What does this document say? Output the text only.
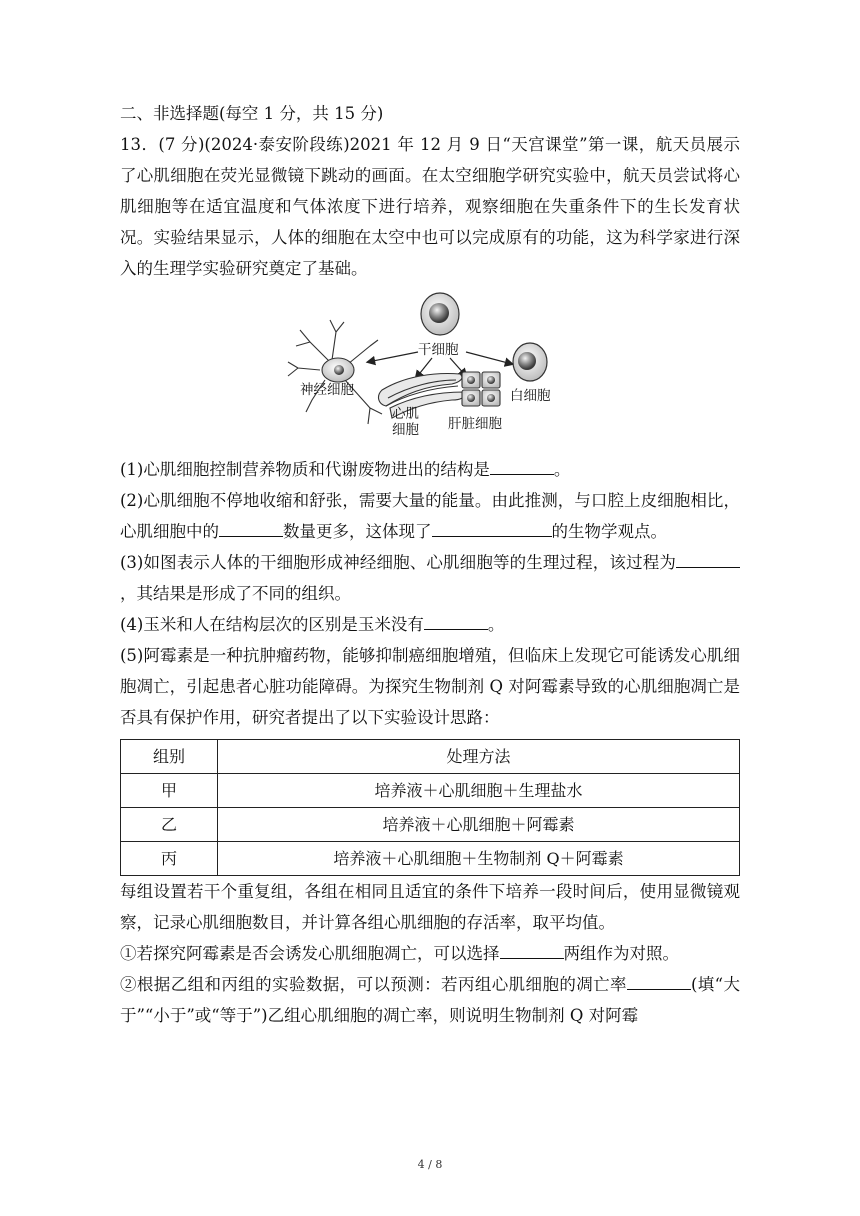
二、非选择题(每空 1 分，共 15 分)

13．(7 分)(2024·泰安阶段练)2021 年 12 月 9 日“天宫课堂”第一课，航天员展示了心肌细胞在荧光显微镜下跳动的画面。在太空细胞学研究实验中，航天员尝试将心肌细胞等在适宜温度和气体浓度下进行培养，观察细胞在失重条件下的生长发育状况。实验结果显示，人体的细胞在太空中也可以完成原有的功能，这为科学家进行深入的生理学实验研究奠定了基础。

干细胞
神经细胞
心肌
细胞 肝脏细胞
白细胞

(1)心肌细胞控制营养物质和代谢废物进出的结构是	。

(2)心肌细胞不停地收缩和舒张，需要大量的能量。由此推测，与口腔上皮细胞相比，心肌细胞中的	数量更多，这体现了	的生物学观点。

(3)如图表示人体的干细胞形成神经细胞、心肌细胞等的生理过程，该过程为，其结果是形成了不同的组织。

(4)玉米和人在结构层次的区别是玉米没有	。

(5)阿霉素是一种抗肿瘤药物，能够抑制癌细胞增殖，但临床上发现它可能诱发心肌细胞凋亡，引起患者心脏功能障碍。为探究生物制剂 Q 对阿霉素导致的心肌细胞凋亡是否具有保护作用，研究者提出了以下实验设计思路：

组别	处理方法
甲	培养液＋心肌细胞＋生理盐水
乙	培养液＋心肌细胞＋阿霉素
丙	培养液＋心肌细胞＋生物制剂 Q＋阿霉素

每组设置若干个重复组，各组在相同且适宜的条件下培养一段时间后，使用显微镜观察，记录心肌细胞数目，并计算各组心肌细胞的存活率，取平均值。

①若探究阿霉素是否会诱发心肌细胞凋亡，可以选择	两组作为对照。

②根据乙组和丙组的实验数据，可以预测：若丙组心肌细胞的凋亡率	(填“大于”“小于”或“等于”)乙组心肌细胞的凋亡率，则说明生物制剂 Q 对阿霉

4 / 8
